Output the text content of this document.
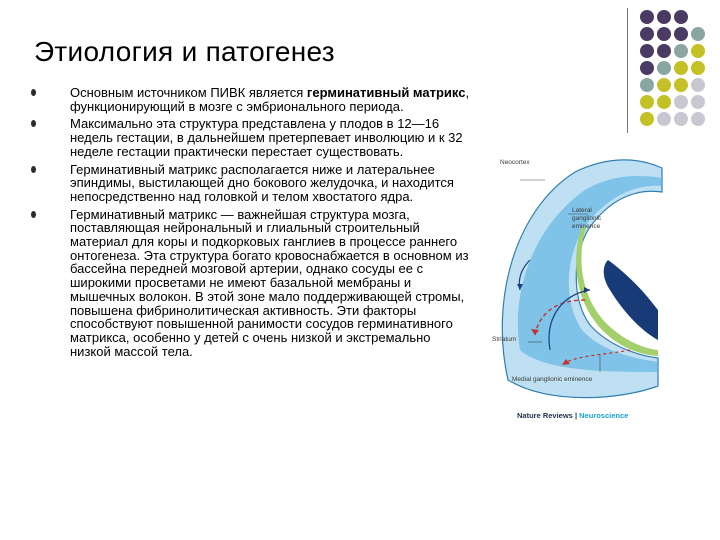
Этиология и патогенез
Основным источником ПИВК является герминативный матрикс, функционирующий в мозге с эмбрионального периода.
Максимально эта структура представлена у плодов в 12—16 недель гестации, в дальнейшем претерпевает инволюцию и к 32 неделе гестации практически перестает существовать.
Герминативный матрикс располагается ниже и латеральнее эпиндимы, выстилающей дно бокового желудочка, и находится непосредственно над головкой и телом хвостатого ядра.
Герминативный матрикс — важнейшая структура мозга, поставляющая нейрональный и глиальный строительный материал для коры и подкорковых ганглиев в процессе раннего онтогенеза. Эта структура богато кровоснабжается в основном из бассейна передней мозговой артерии, однако сосуды ее с широкими просветами не имеют базальной мембраны и мышечных волокон. В этой зоне мало поддерживающей стромы, повышена фибринолитическая активность. Эти факторы способствуют повышенной ранимости сосудов герминативного матрикса, особенно у детей с очень низкой и экстремально низкой массой тела.
Neocortex
Lateral
ganglionic
eminence
Striatum
Medial ganglionic eminence
Nature Reviews | Neuroscience
